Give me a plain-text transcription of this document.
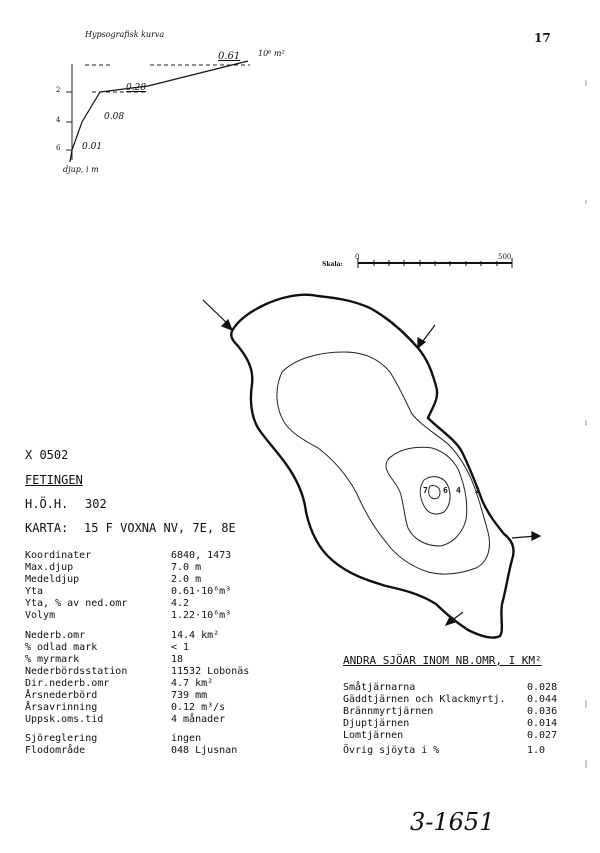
17
Hypsografisk kurva
2
4
6
0.61 10⁶ m²
0.28
0.08
0.01
djup, i m
Skala:
0	500
7 6 4 2
X 0502
FETINGEN
H.Ö.H. 302
KARTA: 15 F VOXNA NV, 7E, 8E
Koordinater	6840, 1473
Max.djup	7.0 m
Medeldjup	2.0 m
Yta	0.61·10⁶m³
Yta, % av ned.omr	4.2
Volym	1.22·10⁶m³
Nederb.omr	14.4 km²
% odlad mark	< 1
% myrmark	18
Nederbördsstation	11532 Lobonäs
Dir.nederb.omr	4.7 km²
Årsnederbörd	739 mm
Årsavrinning	0.12 m³/s
Uppsk.oms.tid	4 månader
Sjöreglering	ingen
Flodområde	048 Ljusnan
ANDRA SJÖAR INOM NB.OMR, I KM²
Småtjärnarna	0.028
Gäddtjärnen och Klackmyrtj. 0.044
Brännmyrtjärnen	0.036
Djuptjärnen	0.014
Lomtjärnen	0.027
Övrig sjöyta i %	1.0
3-1651
